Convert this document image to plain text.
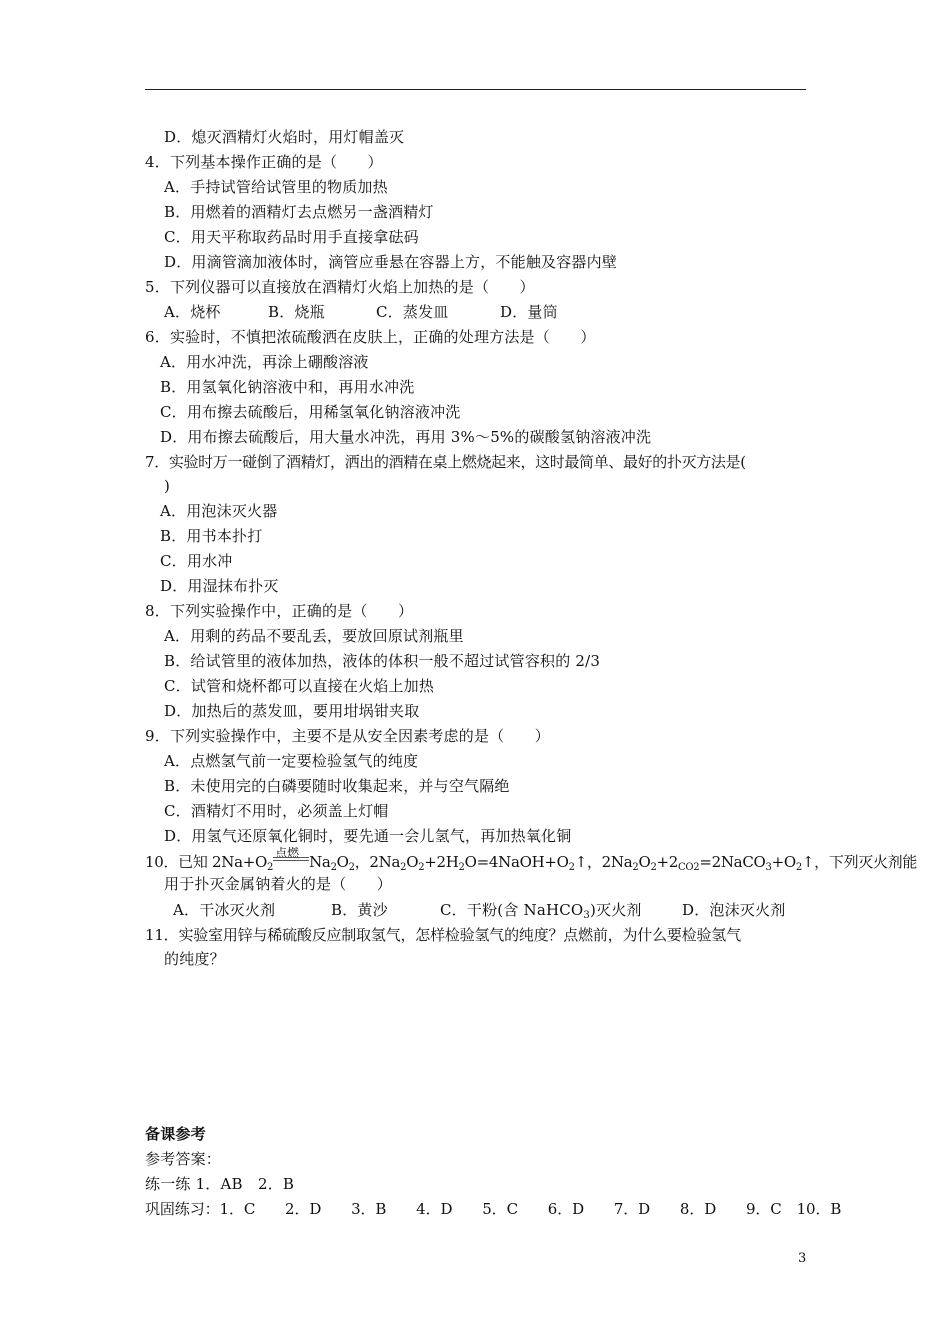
D．熄灭酒精灯火焰时，用灯帽盖灭
4．下列基本操作正确的是（　　）
A．手持试管给试管里的物质加热
B．用燃着的酒精灯去点燃另一盏酒精灯
C．用天平称取药品时用手直接拿砝码
D．用滴管滴加液体时，滴管应垂悬在容器上方，不能触及容器内壁
5．下列仪器可以直接放在酒精灯火焰上加热的是（　　）
A．烧杯	B．烧瓶	C．蒸发皿	D．量筒
6．实验时，不慎把浓硫酸洒在皮肤上，正确的处理方法是（　　）
A．用水冲洗，再涂上硼酸溶液
B．用氢氧化钠溶液中和，再用水冲洗
C．用布擦去硫酸后，用稀氢氧化钠溶液冲洗
D．用布擦去硫酸后，用大量水冲洗，再用 3%～5%的碳酸氢钠溶液冲洗
7．实验时万一碰倒了酒精灯，洒出的酒精在桌上燃烧起来，这时最简单、最好的扑灭方法是(
)
A．用泡沫灭火器
B．用书本扑打
C．用水冲
D．用湿抹布扑灭
8．下列实验操作中，正确的是（　　）
A．用剩的药品不要乱丢，要放回原试剂瓶里
B．给试管里的液体加热，液体的体积一般不超过试管容积的 2/3
C．试管和烧杯都可以直接在火焰上加热
D．加热后的蒸发皿，要用坩埚钳夹取
9．下列实验操作中，主要不是从安全因素考虑的是（　　）
A．点燃氢气前一定要检验氢气的纯度
B．未使用完的白磷要随时收集起来，并与空气隔绝
C．酒精灯不用时，必须盖上灯帽
D．用氢气还原氧化铜时，要先通一会儿氢气，再加热氧化铜
10．已知 $2Na+O_2$
点燃 $Na_2O_2$，$2Na_2O_2+2H_2O=4NaOH+O_2↑$，$2Na_2O_2+2_{CO2}=2NaCO_3+O_2↑$，下列灭火剂能
用于扑灭金属钠着火的是（　　）
A．干冰灭火剂	B．黄沙	C．干粉(含 NaHCO$_3$)灭火剂	D．泡沫灭火剂
11．实验室用锌与稀硫酸反应制取氢气，怎样检验氢气的纯度？点燃前，为什么要检验氢气
的纯度？
备课参考
参考答案：
练一练 1．AB　2．B
巩固练习：1．C　　2．D　　3．B　　4．D　　5．C　　6．D　　7．D　　8．D　　9．C　10．B
3
